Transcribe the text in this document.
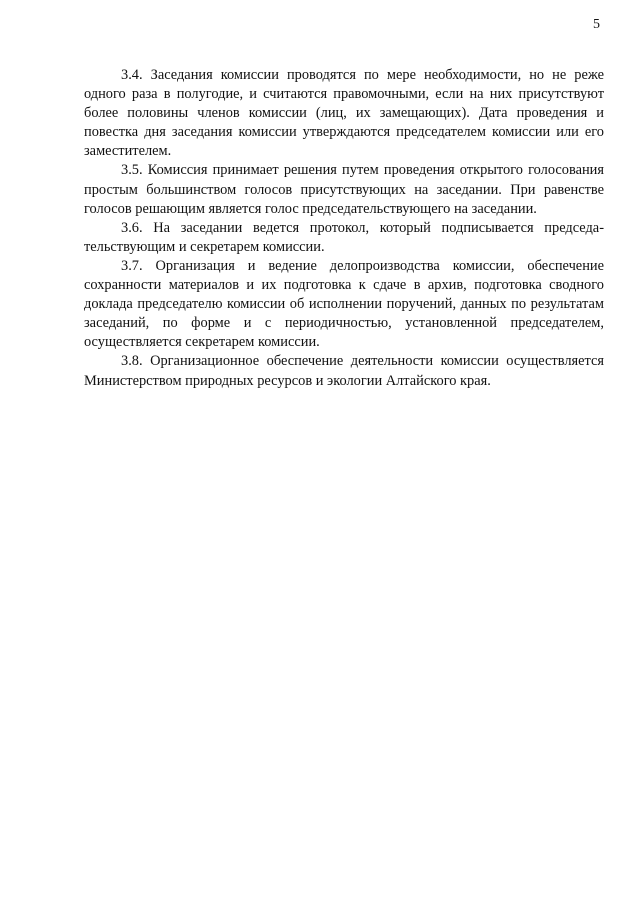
5

3.4. Заседания комиссии проводятся по мере необходимости, но не реже одного раза в полугодие, и считаются правомочными, если на них присутствуют более половины членов комиссии (лиц, их замещающих). Дата проведения и повестка дня заседания комиссии утверждаются председателем комиссии или его заместителем.

3.5. Комиссия принимает решения путем проведения открытого голосования простым большинством голосов присутствующих на заседании. При равенстве голосов решающим является голос председательствующего на заседании.

3.6. На заседании ведется протокол, который подписывается председательствующим и секретарем комиссии.

3.7. Организация и ведение делопроизводства комиссии, обеспечение сохранности материалов и их подготовка к сдаче в архив, подготовка сводного доклада председателю комиссии об исполнении поручений, данных по результатам заседаний, по форме и с периодичностью, установленной председателем, осуществляется секретарем комиссии.

3.8. Организационное обеспечение деятельности комиссии осуществляется Министерством природных ресурсов и экологии Алтайского края.
